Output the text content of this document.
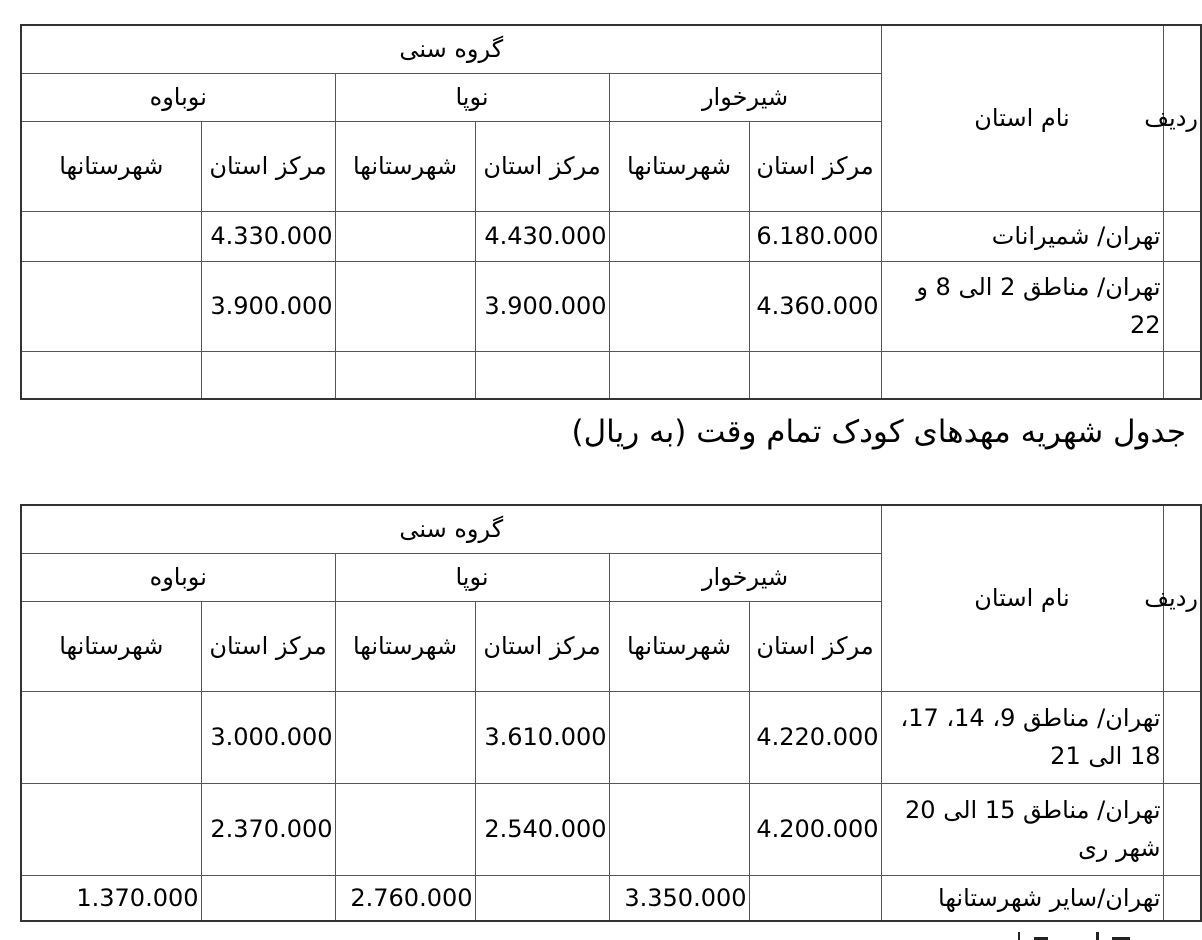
ردیف	نام استان	گروه سنی					
		شیرخوار		نوپا		نوباوه	
		مرکز استان	شهرستانها	مرکز استان	شهرستانها	مرکز استان	شهرستانها
	تهران/ شمیرانات	6.180.000		4.430.000		4.330.000	
	تهران/ مناطق 2 الی 8 و 22	4.360.000		3.900.000		3.900.000	

جدول شهریه مهدهای کودک تمام وقت (به ریال)
ردیف	نام استان	گروه سنی					
		شیرخوار		نوپا		نوباوه	
		مرکز استان	شهرستانها	مرکز استان	شهرستانها	مرکز استان	شهرستانها
	تهران/ مناطق 9، 14، 17، 18 الی 21	4.220.000		3.610.000		3.000.000	
	تهران/ مناطق 15 الی 20 شهر ری	4.200.000		2.540.000		2.370.000	
	تهران/سایر شهرستانها		3.350.000		2.760.000		1.370.000
